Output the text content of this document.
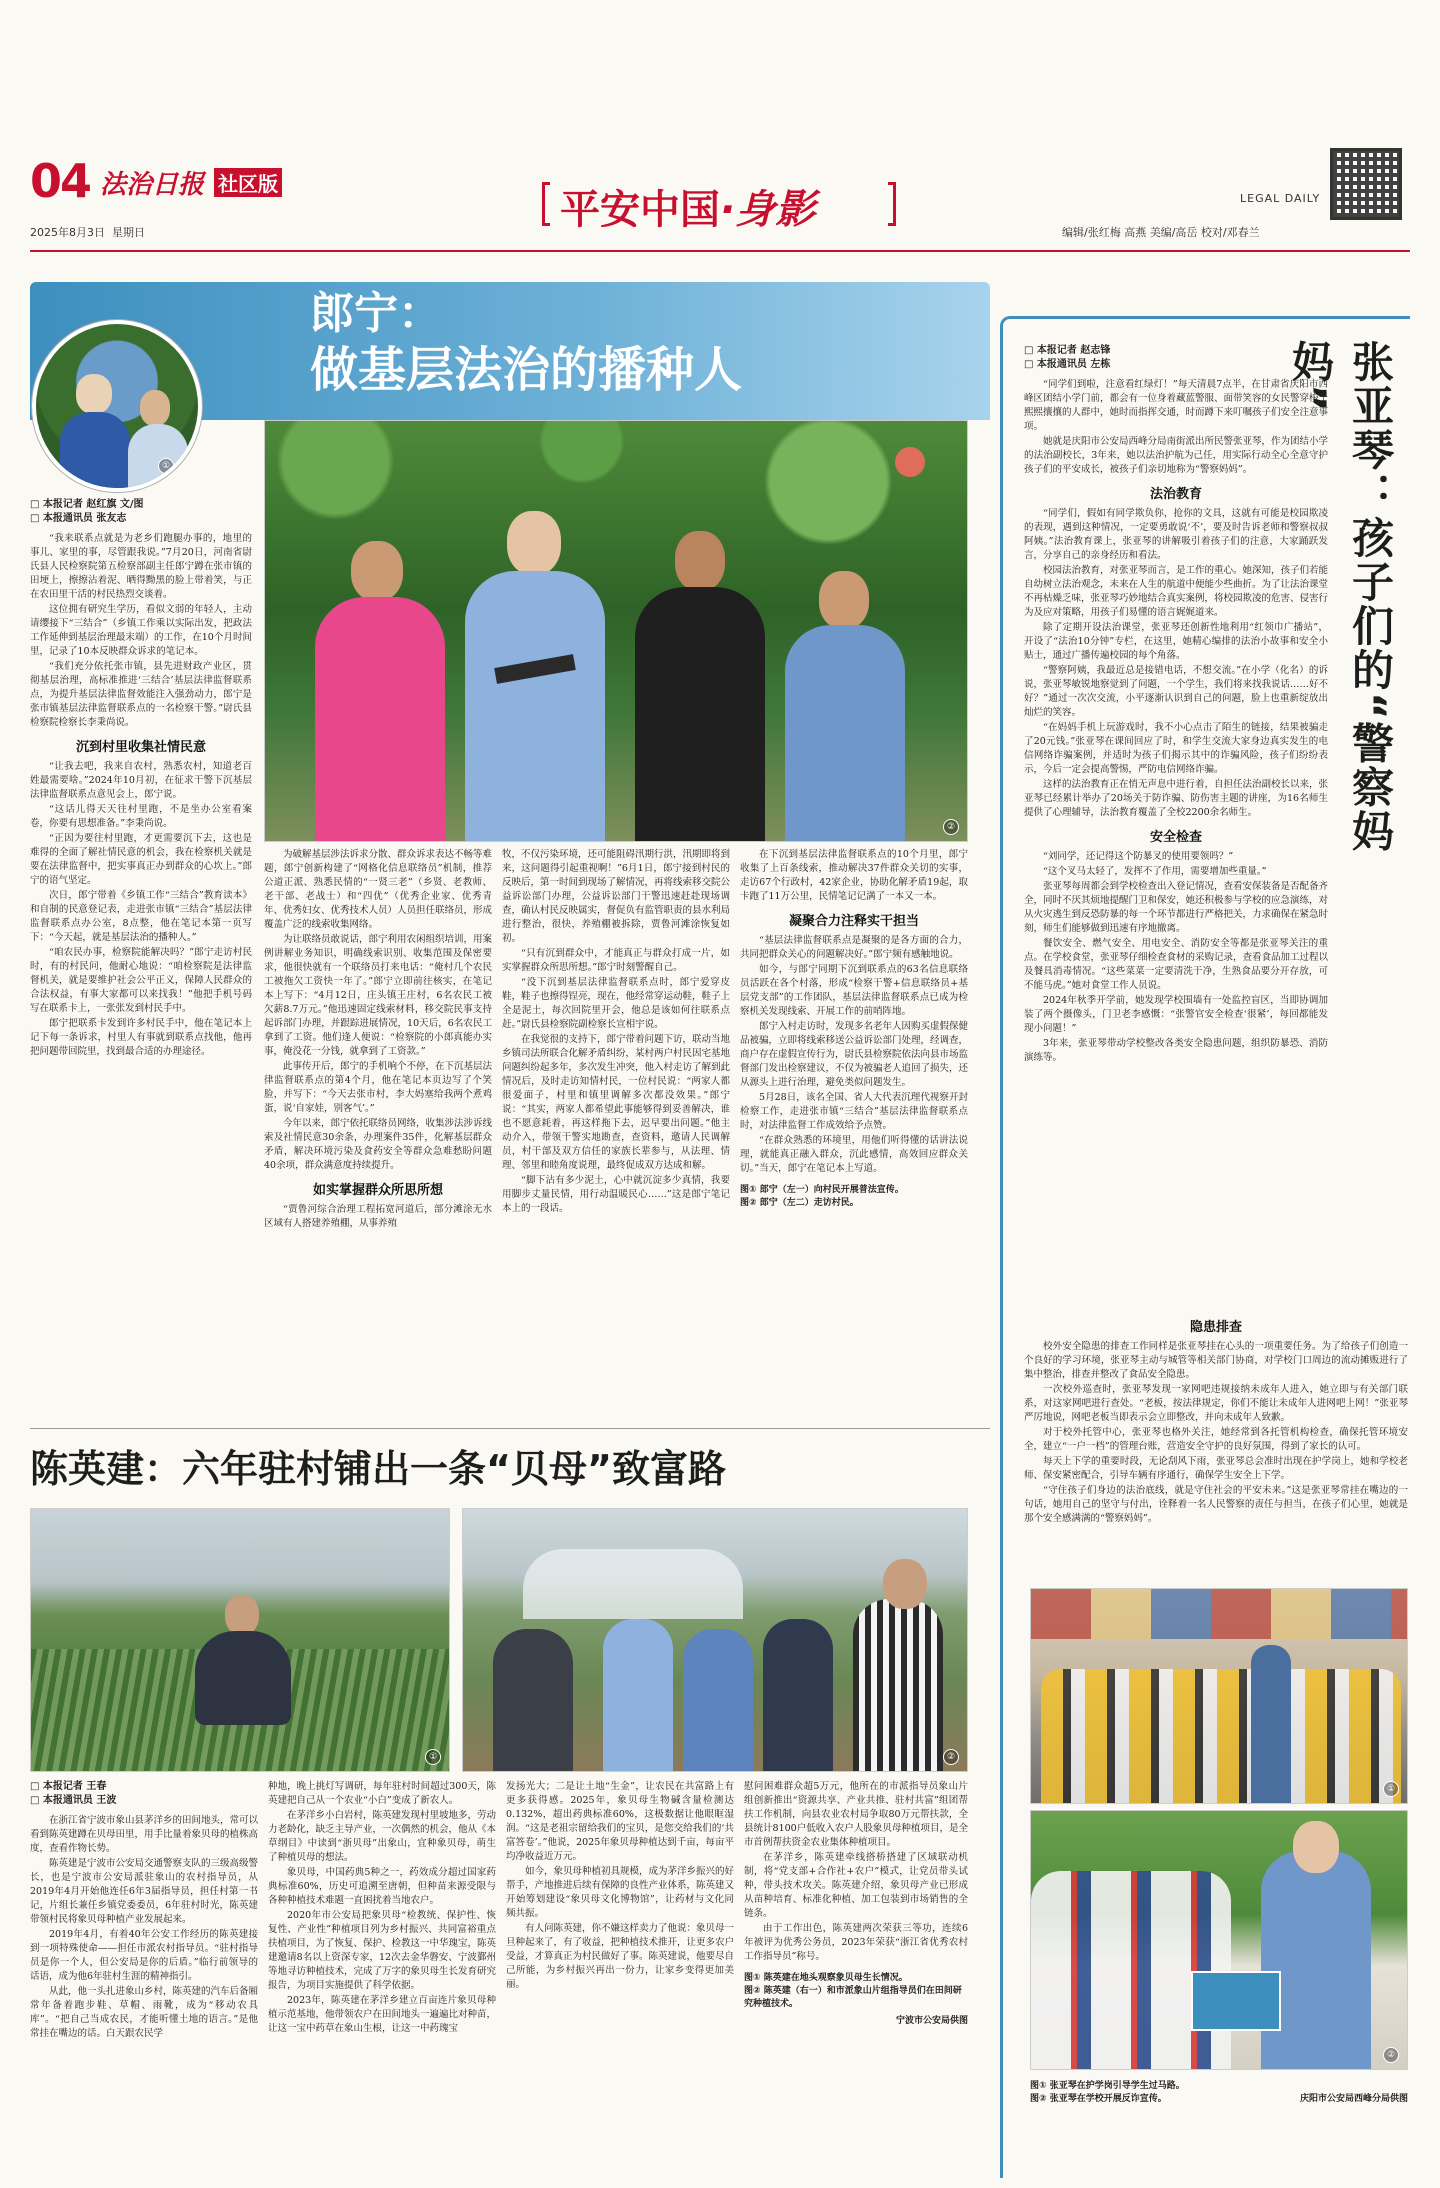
04 法治日报 社区版
2025年8月3日 星期日	平安中国·身影	LEGAL DAILY
编辑/张红梅 高燕 美编/高岳 校对/邓春兰
郎宁：
做基层法治的播种人
①
②
□ 本报记者 赵红旗 文/图
□ 本报通讯员 张友志

“我来联系点就是为老乡们跑腿办事的，地里的事儿、家里的事，尽管跟我说。”7月20日，河南省尉氏县人民检察院第五检察部副主任郎宁蹲在张市镇的田埂上，擦擦沾着泥、晒得黝黑的脸上带着笑，与正在农田里干活的村民热烈交谈着。

这位拥有研究生学历，看似文弱的年轻人，主动请缨接下“三结合”（乡镇工作乘以实际出发，把政法工作延伸到基层治理最末端）的工作，在10个月时间里，记录了10本反映群众诉求的笔记本。

“我们充分依托张市镇，县先进财政产业区，贯彻基层治理，高标准推进‘三结合’基层法律监督联系点，为提升基层法律监督效能注入强劲动力，郎宁是张市镇基层法律监督联系点的一名检察干警。”尉氏县检察院检察长李秉尚说。

沉到村里收集社情民意

“让我去吧，我来自农村，熟悉农村，知道老百姓最需要啥。”2024年10月初，在征求干警下沉基层法律监督联系点意见会上，郎宁说。

“这话儿得天天往村里跑，不是坐办公室看案卷，你要有思想准备。”李秉尚说。

“正因为要往村里跑，才更需要沉下去，这也是难得的全面了解社情民意的机会，我在检察机关就是要在法律监督中，把实事真正办到群众的心坎上。”郎宁的语气坚定。

次日，郎宁带着《乡镇工作“三结合”教育读本》和自制的民意登记表，走进张市镇“三结合”基层法律监督联系点办公室，8点整，他在笔记本第一页写下：“今天起，就是基层法治的播种人。”

“咱农民办事，检察院能解决吗？”郎宁走访村民时，有的村民问，他耐心地说：“咱检察院是法律监督机关，就是要维护社会公平正义，保障人民群众的合法权益，有事大家都可以来找我！”他把手机号码写在联系卡上，一张张发到村民手中。

郎宁把联系卡发到许多村民手中，他在笔记本上记下每一条诉求，村里人有事就到联系点找他，他再把问题带回院里，找到最合适的办理途径。

为破解基层涉法诉求分散、群众诉求表达不畅等难题，郎宁创新构建了“网格化信息联络员”机制，推荐公道正派、熟悉民情的“一贤三老”（乡贤、老教师、老干部、老战士）和“四优”（优秀企业家、优秀青年、优秀妇女、优秀技术人员）人员担任联络员，形成覆盖广泛的线索收集网络。

为让联络员敢说话，郎宁利用农闲组织培训，用案例讲解业务知识，明确线索识别、收集范围及保密要求，他很快就有一个联络员打来电话：“俺村几个农民工被拖欠工资快一年了。”郎宁立即前往核实，在笔记本上写下：“4月12日，庄头镇王庄村，6名农民工被欠薪8.7万元。”他迅速固定线索材料，移交院民事支持起诉部门办理，并跟踪进展情况，10天后，6名农民工拿到了工资。他们逢人便说：“检察院的小郎真能办实事，俺没花一分钱，就拿到了工资款。”

此事传开后，郎宁的手机响个不停，在下沉基层法律监督联系点的第4个月，他在笔记本页边写了个笑脸，并写下：“今天去张市村，李大妈塞给我两个煮鸡蛋，说‘自家娃，别客气’。”

今年以来，郎宁依托联络员网络，收集涉法涉诉线索及社情民意30余条，办理案件35件，化解基层群众矛盾，解决环境污染及食药安全等群众急难愁盼问题40余项，群众满意度持续提升。

如实掌握群众所思所想

“贾鲁河综合治理工程拓宽河道后，部分滩涂无水区域有人搭建养殖棚，从事养殖

牧，不仅污染环境，还可能阻碍汛期行洪，汛期即将到来，这问题得引起重视啊！”6月1日，郎宁接到村民的反映后，第一时间到现场了解情况，再将线索移交院公益诉讼部门办理，公益诉讼部门干警迅速赶赴现场调查，确认村民反映属实，督促负有监管职责的县水利局进行整治，很快，养殖棚被拆除，贾鲁河滩涂恢复如初。

“只有沉到群众中，才能真正与群众打成一片，如实掌握群众所思所想。”郎宁时刻警醒自己。

“没下沉到基层法律监督联系点时，郎宁爱穿皮鞋，鞋子也擦得锃亮，现在，他经常穿运动鞋，鞋子上全是泥土，每次回院里开会，他总是该如何往联系点赶。”尉氏县检察院副检察长宣相宇说。

在我觉很的支持下，郎宁带着问题下访，联动当地乡镇司法所联合化解矛盾纠纷，某村两户村民因宅基地问题纠纷起多年，多次发生冲突，他入村走访了解到此情况后，及时走访知情村民，一位村民说：“两家人都很爱面子，村里和镇里调解多次都没效果。”郎宁说：“其实，两家人都希望此事能够得到妥善解决，谁也不愿意耗着，再这样拖下去，迟早要出问题。”他主动介入，带领干警实地勘查，查资料，邀请人民调解员，村干部及双方信任的家族长辈参与，从法理、情理、邻里和睦角度说理，最终促成双方达成和解。

“脚下沾有多少泥土，心中就沉淀多少真情，我要用脚步丈量民情，用行动温暖民心……”这是郎宁笔记本上的一段话。

在下沉到基层法律监督联系点的10个月里，郎宁收集了上百条线索，推动解决37件群众关切的实事，走访67个行政村，42家企业，协助化解矛盾19起，取卡跑了11万公里，民情笔记记满了一本又一本。

凝聚合力注释实干担当

“基层法律监督联系点是凝聚的是各方面的合力，共同把群众关心的问题解决好。”郎宁频有感触地说。

如今，与郎宁同期下沉到联系点的63名信息联络员活跃在各个村落，形成“检察干警+信息联络员+基层党支部”的工作团队，基层法律监督联系点已成为检察机关发现线索、开展工作的前哨阵地。

郎宁入村走访时，发现多名老年人因购买虚假保健品被骗，立即将线索移送公益诉讼部门处理，经调查，商户存在虚假宣传行为，尉氏县检察院依法向县市场监督部门发出检察建议，不仅为被骗老人追回了损失，还从源头上进行治理，避免类似问题发生。

5月28日，该名全国、省人大代表沉理代视察开封检察工作，走进张市镇“三结合”基层法律监督联系点时，对法律监督工作成效给予点赞。

“在群众熟悉的环境里，用他们听得懂的话讲法说理，就能真正融入群众，沉此感情，高效回应群众关切。”当天，郎宁在笔记本上写道。

图① 郎宁（左一）向村民开展普法宣传。
图② 郎宁（左二）走访村民。
陈英建：六年驻村铺出一条“贝母”致富路
①	②
□ 本报记者 王春
□ 本报通讯员 王波

在浙江省宁波市象山县茅洋乡的田间地头，常可以看到陈英建蹲在贝母田里，用手比量着象贝母的植株高度，查看作物长势。

陈英建是宁波市公安局交通警察支队的三级高级警长，也是宁波市公安局派驻象山的农村指导员，从2019年4月开始他连任6年3届指导员，担任村第一书记，片组长兼任乡镇党委委员，6年驻村时光，陈英建带领村民将象贝母种植产业发展起来。

2019年4月，有着40年公安工作经历的陈英建接到一项特殊使命——担任市派农村指导员。“驻村指导员是你一个人，但公安局是你的后盾。”临行前领导的话语，成为他6年驻村生涯的精神指引。

从此，他一头扎进象山乡村，陈英建的汽车后备厢常年备着跑步鞋、草帽、雨靴，成为“移动农具库”。“把自己当成农民，才能听懂土地的语言。”是他常挂在嘴边的话。白天跟农民学

种地，晚上挑灯写调研，每年驻村时间超过300天，陈英建把自己从一个农业“小白”变成了新农人。

在茅洋乡小白岩村，陈英建发现村里坡地多，劳动力老龄化，缺乏主导产业，一次偶然的机会，他从《本草纲目》中读到“浙贝母”出象山，宜种象贝母，萌生了种植贝母的想法。

象贝母，中国药典5种之一，药效成分超过国家药典标准60%，历史可追溯至唐朝，但种苗来源受限与各种种植技术难题一直困扰着当地农户。

2020年市公安局把象贝母“检教统、保护性、恢复性、产业性”种植项目列为乡村振兴、共同富裕重点扶植项目，为了恢复、保护、检教这一中华瑰宝，陈英建邀请8名以上资深专家，12次去金华磐安、宁波鄞州等地寻访种植技术，完成了万字的象贝母生长发育研究报告，为项目实施提供了科学依据。

2023年，陈英建在茅洋乡建立百亩连片象贝母种植示范基地，他带领农户在田间地头一遍遍比对种苗，让这一宝中药草在象山生根，让这一中药瑰宝

发扬光大；二是让土地“生金”，让农民在共富路上有更多获得感。2025年，象贝母生物碱含量检测达0.132%，超出药典标准60%，这极数据让他眼眶湿润。“这是老祖宗留给我们的宝贝，是您交给我们的‘共富答卷’。”他说，2025年象贝母种植达到千亩，每亩平均净收益近万元。

如今，象贝母种植初具规模，成为茅洋乡振兴的好帮手，产地推进后续有保障的良性产业体系，陈英建又开始筹划建设“象贝母文化博物馆”，让药材与文化同频共振。

有人问陈英建，你不嫌这样卖力了他说：象贝母一旦种起来了，有了收益，把种植技术推开，让更多农户受益，才算真正为村民做好了事。陈英建说，他要尽自己所能，为乡村振兴再出一份力，让家乡变得更加美丽。

慰问困难群众超5万元，他所在的市派指导员象山片组创新推出“资源共享、产业共推、驻村共富”组团帮扶工作机制，向县农业农村局争取80万元帮扶款，全县统计8100户低收入农户人股象贝母种植项目，是全市首例帮扶资金农业集体种植项目。

在茅洋乡，陈英建牵线搭桥搭建了区域联动机制，将“党支部+合作社+农户”模式，让党员带头试种，带头技术攻关。陈英建介绍，象贝母产业已形成从苗种培育、标准化种植、加工包装到市场销售的全链条。

由于工作出色，陈英建两次荣获三等功，连续6年被评为优秀公务员，2023年荣获“浙江省优秀农村工作指导员”称号。

图① 陈英建在地头观察象贝母生长情况。
图② 陈英建（右一）和市派象山片组指导员们在田间研究种植技术。
宁波市公安局供图
张亚琴：孩子们的“警察妈妈”
□ 本报记者 赵志锋
□ 本报通讯员 左栋

“同学们到啦，注意看红绿灯！”每天清晨7点半，在甘肃省庆阳市西峰区团结小学门前，都会有一位身着藏蓝警服、面带笑容的女民警穿梭于熙熙攘攘的人群中，她时而指挥交通，时而蹲下来叮嘱孩子们安全注意事项。

她就是庆阳市公安局西峰分局南街派出所民警张亚琴，作为团结小学的法治副校长，3年来，她以法治护航为己任，用实际行动全心全意守护孩子们的平安成长，被孩子们亲切地称为“警察妈妈”。

法治教育

“同学们，假如有同学欺负你，抢你的文具，这就有可能是校园欺凌的表现，遇到这种情况，一定要勇敢说‘不’，要及时告诉老师和警察叔叔阿姨。”法治教育课上，张亚琴的讲解吸引着孩子们的注意，大家踊跃发言，分享自己的亲身经历和看法。

校园法治教育，对张亚琴而言，是工作的重心。她深知，孩子们若能自幼树立法治观念，未来在人生的航道中便能少些曲折。为了让法治课堂不再枯燥乏味，张亚琴巧妙地结合真实案例，将校园欺凌的危害、侵害行为及应对策略，用孩子们易懂的语言娓娓道来。

除了定期开设法治课堂，张亚琴还创新性地利用“红领巾广播站”，开设了“法治10分钟”专栏，在这里，她精心编排的法治小故事和安全小贴士，通过广播传遍校园的每个角落。

“警察阿姨，我最近总是接错电话，不想交流。”在小学（化名）的诉说，张亚琴敏锐地察觉到了问题，一个学生，我们将来找我说话……好不好？”通过一次次交流，小平逐渐认识到自己的问题，脸上也重新绽放出灿烂的笑容。

“在妈妈手机上玩游戏时，我不小心点击了陌生的链接，结果被骗走了20元钱。”张亚琴在课间回应了时，和学生交流大家身边真实发生的电信网络诈骗案例，并适时为孩子们揭示其中的诈骗风险，孩子们纷纷表示，今后一定会提高警惕，严防电信网络诈骗。

这样的法治教育正在悄无声息中进行着，自担任法治副校长以来，张亚琴已经累计举办了20场关于防诈骗、防伤害主题的讲座，为16名师生提供了心理辅导，法治教育覆盖了全校2200余名师生。

安全检查

“刘同学，还记得这个防暴叉的使用要领吗？”

“这个叉马太轻了，发挥不了作用，需要增加些重量。”

张亚琴每周都会到学校检查出入登记情况，查看安保装备是否配备齐全，同时不厌其烦地提醒门卫和保安，她还积极参与学校的应急演练，对从火灾逃生到反恐防暴的每一个环节都进行严格把关，力求确保在紧急时刻，师生们能够做到迅速有序地撤离。

餐饮安全、燃气安全、用电安全、消防安全等都是张亚琴关注的重点。在学校食堂，张亚琴仔细检查食材的采购记录，查看食品加工过程以及餐具消毒情况。“这些菜菜一定要清洗干净，生熟食品要分开存放，可不能马虎。”她对食堂工作人员说。

2024年秋季开学前，她发现学校围墙有一处监控盲区，当即协调加装了两个摄像头，门卫老李感慨：“张警官安全检查‘很紧’，每回都能发现小问题！”

3年来，张亚琴带动学校整改各类安全隐患问题，组织防暴恐、消防演练等。

隐患排查

校外安全隐患的排查工作同样是张亚琴挂在心头的一项重要任务。为了给孩子们创造一个良好的学习环境，张亚琴主动与城管等相关部门协商，对学校门口周边的流动摊贩进行了集中整治，排查并整改了食品安全隐患。

一次校外巡查时，张亚琴发现一家网吧违规接纳未成年人进入，她立即与有关部门联系，对这家网吧进行查处。“老板，按法律规定，你们不能让未成年人进网吧上网！”张亚琴严厉地说，网吧老板当即表示会立即整改，并向未成年人致歉。

对于校外托管中心，张亚琴也格外关注，她经常到各托管机构检查，确保托管环境安全，建立“一户一档”的管理台账，营造安全守护的良好氛围，得到了家长的认可。

每天上下学的重要时段，无论刮风下雨，张亚琴总会准时出现在护学岗上，她和学校老师、保安紧密配合，引导车辆有序通行，确保学生安全上下学。

“守住孩子们身边的法治底线，就是守住社会的平安未来。”这是张亚琴常挂在嘴边的一句话，她用自己的坚守与付出，诠释着一名人民警察的责任与担当，在孩子们心里，她就是那个安全感满满的“警察妈妈”。

①
②
图① 张亚琴在护学岗引导学生过马路。
图② 张亚琴在学校开展反诈宣传。	庆阳市公安局西峰分局供图
